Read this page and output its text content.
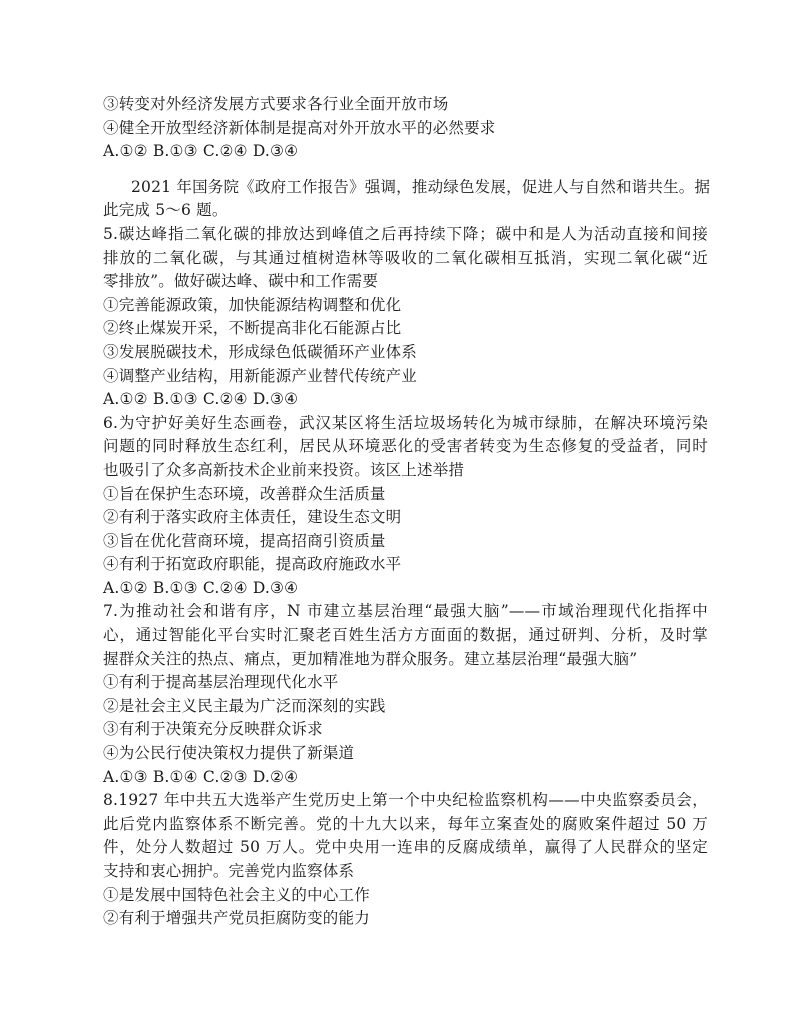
③转变对外经济发展方式要求各行业全面开放市场
④健全开放型经济新体制是提高对外开放水平的必然要求
A.①② B.①③ C.②④ D.③④
2021 年国务院《政府工作报告》强调，推动绿色发展，促进人与自然和谐共生。据
此完成 5～6 题。
5.碳达峰指二氧化碳的排放达到峰值之后再持续下降；碳中和是人为活动直接和间接
排放的二氧化碳，与其通过植树造林等吸收的二氧化碳相互抵消，实现二氧化碳“近
零排放”。做好碳达峰、碳中和工作需要
①完善能源政策，加快能源结构调整和优化
②终止煤炭开采，不断提高非化石能源占比
③发展脱碳技术，形成绿色低碳循环产业体系
④调整产业结构，用新能源产业替代传统产业
A.①② B.①③ C.②④ D.③④
6.为守护好美好生态画卷，武汉某区将生活垃圾场转化为城市绿肺，在解决环境污染
问题的同时释放生态红利，居民从环境恶化的受害者转变为生态修复的受益者，同时
也吸引了众多高新技术企业前来投资。该区上述举措
①旨在保护生态环境，改善群众生活质量
②有利于落实政府主体责任，建设生态文明
③旨在优化营商环境，提高招商引资质量
④有利于拓宽政府职能，提高政府施政水平
A.①② B.①③ C.②④ D.③④
7.为推动社会和谐有序，N 市建立基层治理“最强大脑”——市域治理现代化指挥中
心，通过智能化平台实时汇聚老百姓生活方方面面的数据，通过研判、分析，及时掌
握群众关注的热点、痛点，更加精准地为群众服务。建立基层治理“最强大脑”
①有利于提高基层治理现代化水平
②是社会主义民主最为广泛而深刻的实践
③有利于决策充分反映群众诉求
④为公民行使决策权力提供了新渠道
A.①③ B.①④ C.②③ D.②④
8.1927 年中共五大选举产生党历史上第一个中央纪检监察机构——中央监察委员会，
此后党内监察体系不断完善。党的十九大以来，每年立案查处的腐败案件超过 50 万
件，处分人数超过 50 万人。党中央用一连串的反腐成绩单，赢得了人民群众的坚定
支持和衷心拥护。完善党内监察体系
①是发展中国特色社会主义的中心工作
②有利于增强共产党员拒腐防变的能力
